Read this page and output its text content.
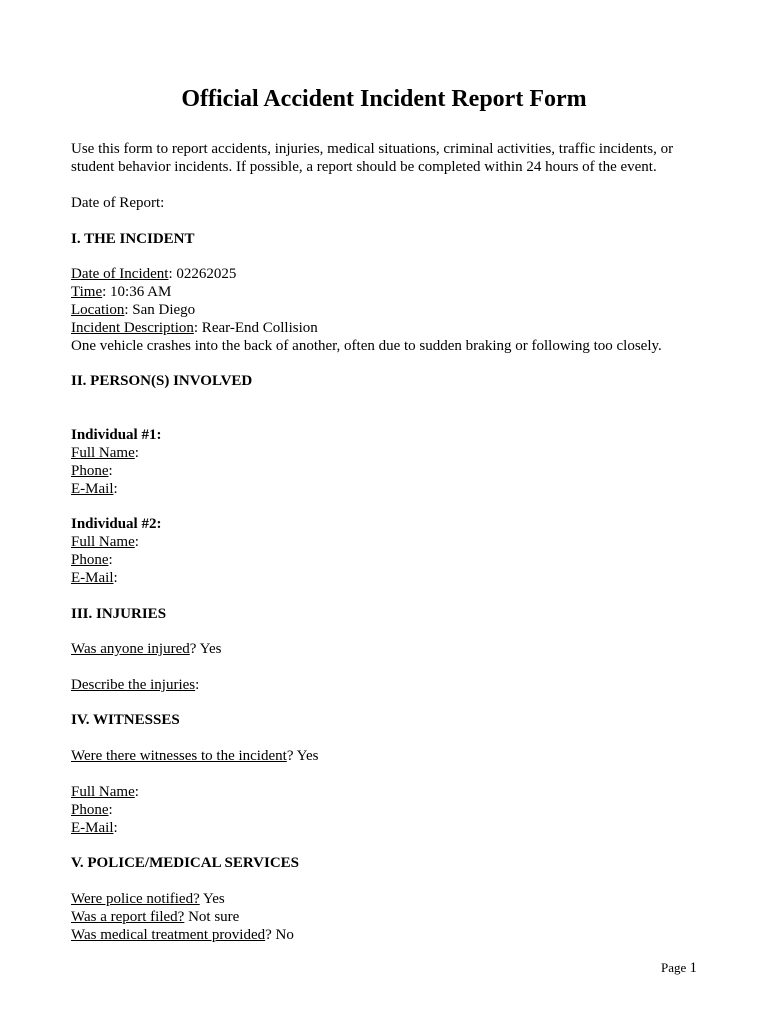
Official Accident Incident Report Form
Use this form to report accidents, injuries, medical situations, criminal activities, traffic incidents, or student behavior incidents. If possible, a report should be completed within 24 hours of the event.
Date of Report:
I. THE INCIDENT
Date of Incident: 02262025
Time: 10:36 AM
Location: San Diego
Incident Description: Rear-End Collision
One vehicle crashes into the back of another, often due to sudden braking or following too closely.
II. PERSON(S) INVOLVED
Individual #1:
Full Name:
Phone:
E-Mail:
Individual #2:
Full Name:
Phone:
E-Mail:
III. INJURIES
Was anyone injured? Yes
Describe the injuries:
IV. WITNESSES
Were there witnesses to the incident? Yes
Full Name:
Phone:
E-Mail:
V. POLICE/MEDICAL SERVICES
Were police notified? Yes
Was a report filed? Not sure
Was medical treatment provided? No
Page 1
